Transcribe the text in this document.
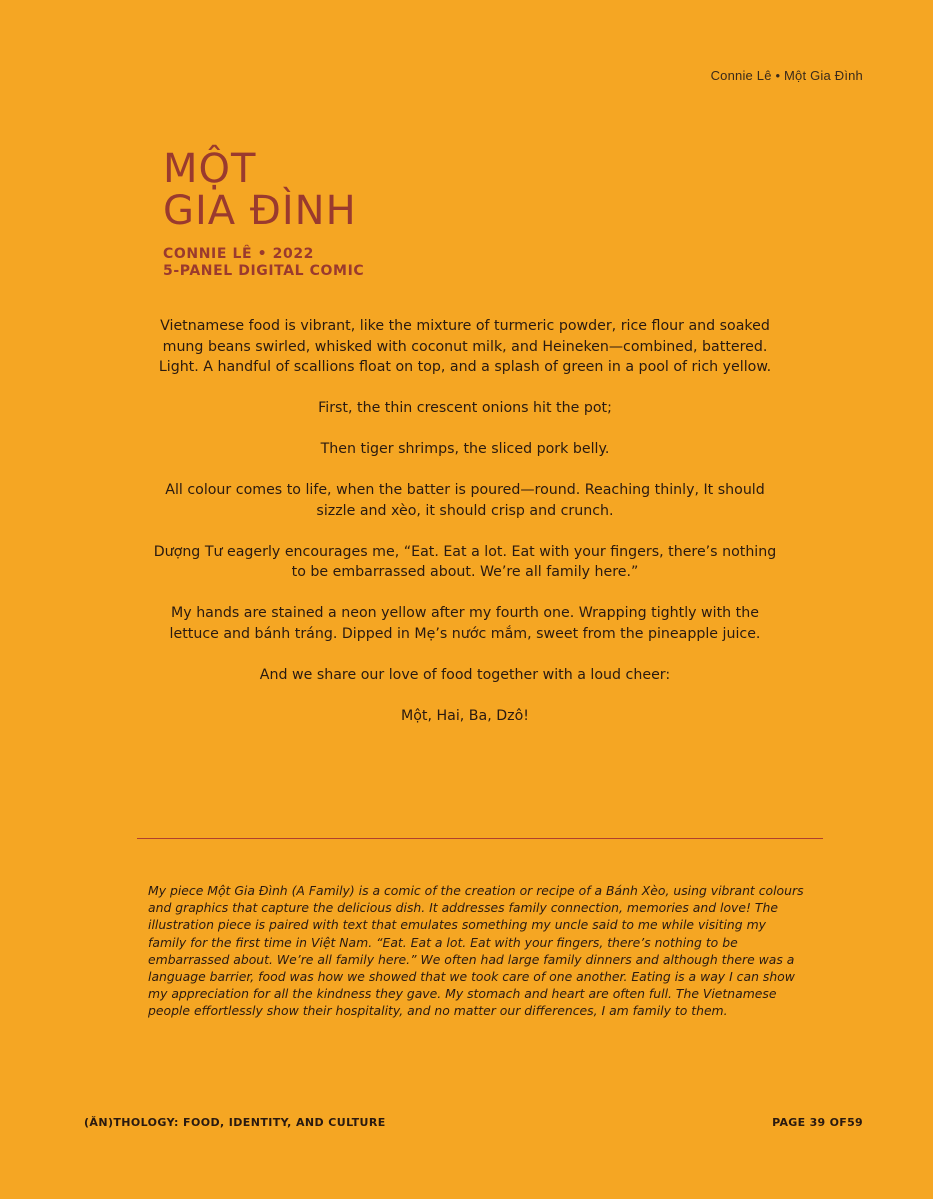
Connie Lê • Một Gia Đình
MỘT
GIA ĐÌNH
CONNIE LÊ • 2022
5-PANEL DIGITAL COMIC

Vietnamese food is vibrant, like the mixture of turmeric powder, rice flour and soaked mung beans swirled, whisked with coconut milk, and Heineken—combined, battered. Light. A handful of scallions float on top, and a splash of green in a pool of rich yellow.

First, the thin crescent onions hit the pot;

Then tiger shrimps, the sliced pork belly.

All colour comes to life, when the batter is poured—round. Reaching thinly, It should sizzle and xèo, it should crisp and crunch.

Dượng Tư eagerly encourages me, “Eat. Eat a lot. Eat with your fingers, there’s nothing to be embarrassed about. We’re all family here.”

My hands are stained a neon yellow after my fourth one. Wrapping tightly with the lettuce and bánh tráng. Dipped in Mẹ’s nước mắm, sweet from the pineapple juice.

And we share our love of food together with a loud cheer:

Một, Hai, Ba, Dzô!

My piece Một Gia Đình (A Family) is a comic of the creation or recipe of a Bánh Xèo, using vibrant colours and graphics that capture the delicious dish. It addresses family connection, memories and love! The illustration piece is paired with text that emulates something my uncle said to me while visiting my family for the first time in Việt Nam. “Eat. Eat a lot. Eat with your fingers, there’s nothing to be embarrassed about. We’re all family here.” We often had large family dinners and although there was a language barrier, food was how we showed that we took care of one another. Eating is a way I can show my appreciation for all the kindness they gave. My stomach and heart are often full. The Vietnamese people effortlessly show their hospitality, and no matter our differences, I am family to them.

(ĂN)THOLOGY: FOOD, IDENTITY, AND CULTURE	PAGE 39 OF59
